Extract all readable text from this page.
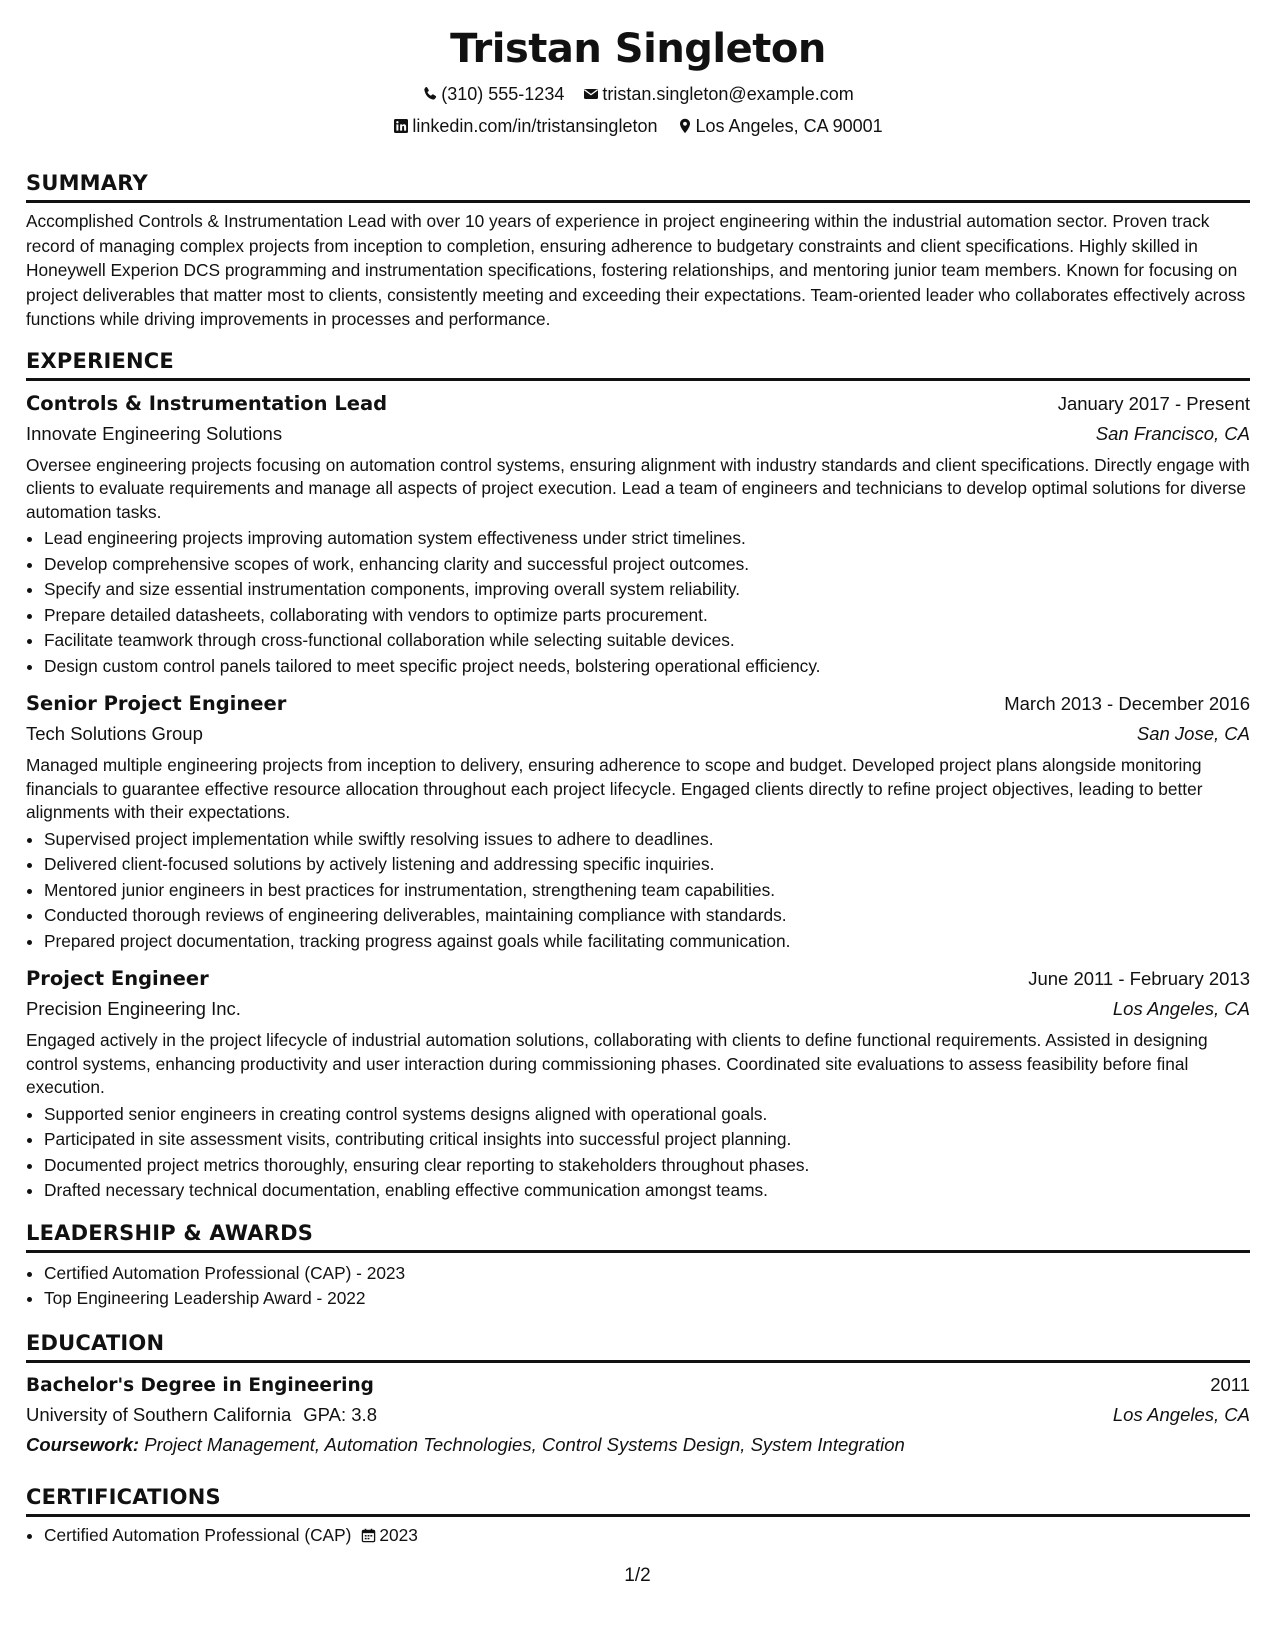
Tristan Singleton
(310) 555-1234 tristan.singleton@example.com
linkedin.com/in/tristansingleton Los Angeles, CA 90001
SUMMARY

Accomplished Controls & Instrumentation Lead with over 10 years of experience in project engineering within the industrial automation sector. Proven track record of managing complex projects from inception to completion, ensuring adherence to budgetary constraints and client specifications. Highly skilled in Honeywell Experion DCS programming and instrumentation specifications, fostering relationships, and mentoring junior team members. Known for focusing on project deliverables that matter most to clients, consistently meeting and exceeding their expectations. Team-oriented leader who collaborates effectively across functions while driving improvements in processes and performance.

EXPERIENCE
Controls & Instrumentation Lead	January 2017 - Present
Innovate Engineering Solutions	San Francisco, CA

Oversee engineering projects focusing on automation control systems, ensuring alignment with industry standards and client specifications. Directly engage with clients to evaluate requirements and manage all aspects of project execution. Lead a team of engineers and technicians to develop optimal solutions for diverse automation tasks.

• Lead engineering projects improving automation system effectiveness under strict timelines.
• Develop comprehensive scopes of work, enhancing clarity and successful project outcomes.
• Specify and size essential instrumentation components, improving overall system reliability.
• Prepare detailed datasheets, collaborating with vendors to optimize parts procurement.
• Facilitate teamwork through cross-functional collaboration while selecting suitable devices.
• Design custom control panels tailored to meet specific project needs, bolstering operational efficiency.
Senior Project Engineer	March 2013 - December 2016
Tech Solutions Group	San Jose, CA

Managed multiple engineering projects from inception to delivery, ensuring adherence to scope and budget. Developed project plans alongside monitoring financials to guarantee effective resource allocation throughout each project lifecycle. Engaged clients directly to refine project objectives, leading to better alignments with their expectations.

• Supervised project implementation while swiftly resolving issues to adhere to deadlines.
• Delivered client-focused solutions by actively listening and addressing specific inquiries.
• Mentored junior engineers in best practices for instrumentation, strengthening team capabilities.
• Conducted thorough reviews of engineering deliverables, maintaining compliance with standards.
• Prepared project documentation, tracking progress against goals while facilitating communication.
Project Engineer	June 2011 - February 2013
Precision Engineering Inc.	Los Angeles, CA

Engaged actively in the project lifecycle of industrial automation solutions, collaborating with clients to define functional requirements. Assisted in designing control systems, enhancing productivity and user interaction during commissioning phases. Coordinated site evaluations to assess feasibility before final execution.

• Supported senior engineers in creating control systems designs aligned with operational goals.
• Participated in site assessment visits, contributing critical insights into successful project planning.
• Documented project metrics thoroughly, ensuring clear reporting to stakeholders throughout phases.
• Drafted necessary technical documentation, enabling effective communication amongst teams.
LEADERSHIP & AWARDS
• Certified Automation Professional (CAP) - 2023
• Top Engineering Leadership Award - 2022
EDUCATION
Bachelor's Degree in Engineering	2011
University of Southern California GPA: 3.8	Los Angeles, CA
Coursework: Project Management, Automation Technologies, Control Systems Design, System Integration
CERTIFICATIONS
• Certified Automation Professional (CAP) 2023
1/2
